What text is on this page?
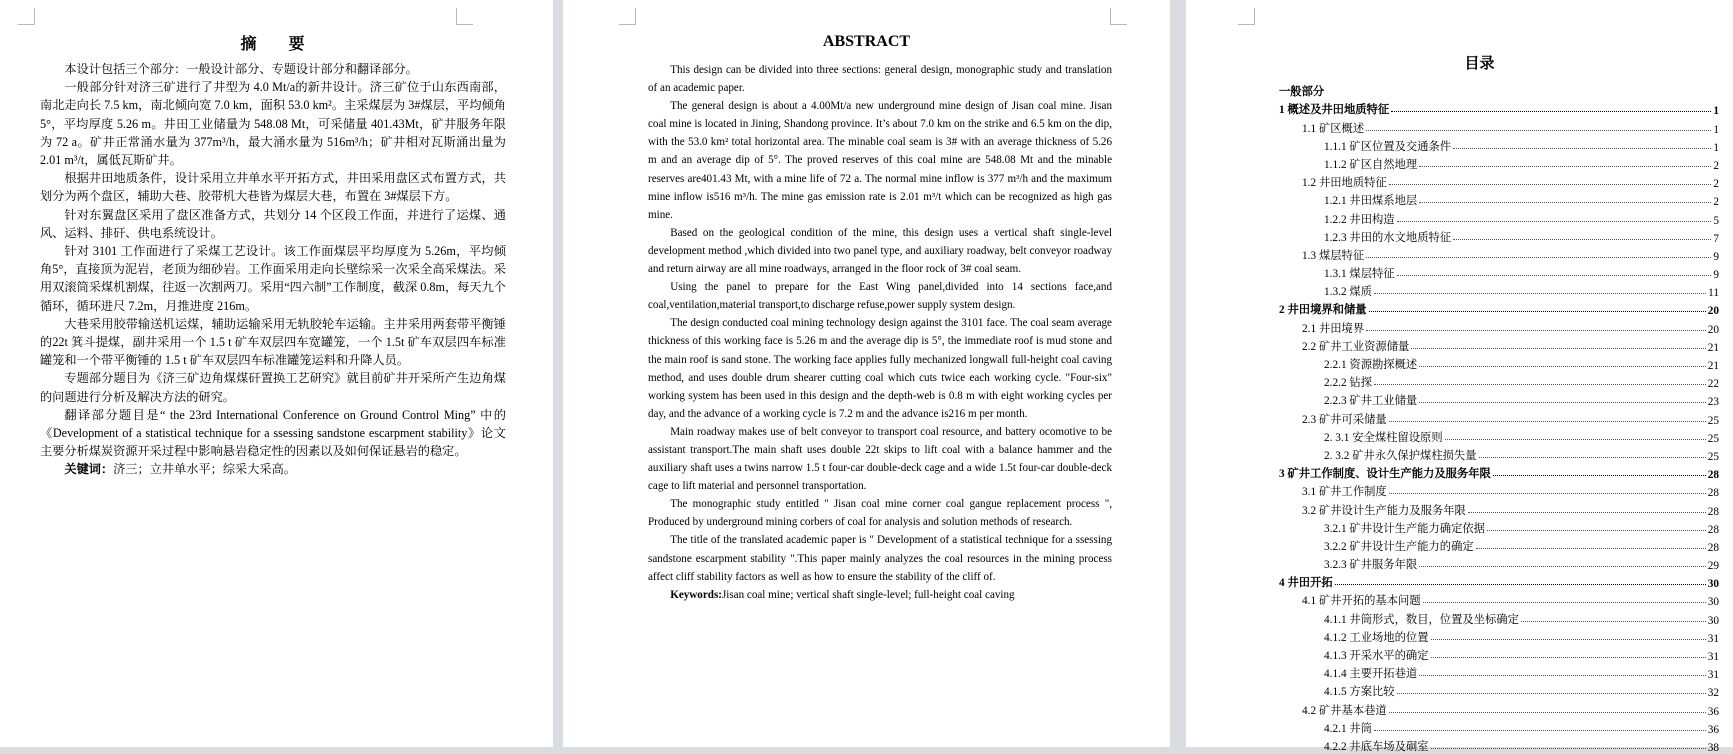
摘　要

本设计包括三个部分：一般设计部分、专题设计部分和翻译部分。

一般部分针对济三矿进行了井型为 4.0 Mt/a的新井设计。济三矿位于山东西南部，南北走向长 7.5 km，南北倾向宽 7.0 km，面积 53.0 km²。主采煤层为 3#煤层，平均倾角 5°，平均厚度 5.26 m。井田工业储量为 548.08 Mt，可采储量 401.43Mt，矿井服务年限为 72 a。矿井正常涌水量为 377m³/h，最大涌水量为 516m³/h；矿井相对瓦斯涌出量为 2.01 m³/t，属低瓦斯矿井。

根据井田地质条件，设计采用立井单水平开拓方式，井田采用盘区式布置方式，共划分为两个盘区，辅助大巷、胶带机大巷皆为煤层大巷，布置在 3#煤层下方。

针对东翼盘区采用了盘区准备方式，共划分 14 个区段工作面，并进行了运煤、通风、运料、排矸、供电系统设计。

针对 3101 工作面进行了采煤工艺设计。该工作面煤层平均厚度为 5.26m，平均倾角5°，直接顶为泥岩，老顶为细砂岩。工作面采用走向长壁综采一次采全高采煤法。采用双滚筒采煤机割煤，往返一次割两刀。采用“四六制”工作制度，截深 0.8m，每天九个循环，循环进尺 7.2m，月推进度 216m。

大巷采用胶带输送机运煤，辅助运输采用无轨胶轮车运输。主井采用两套带平衡锤的22t 箕斗提煤，副井采用一个 1.5 t 矿车双层四车宽罐笼，一个 1.5t 矿车双层四车标准罐笼和一个带平衡锤的 1.5 t 矿车双层四车标准罐笼运料和升降人员。

专题部分题目为《济三矿边角煤煤矸置换工艺研究》就目前矿井开采所产生边角煤的问题进行分析及解决方法的研究。

翻译部分题目是“ the 23rd International Conference on Ground Control Ming” 中的《Development of a statistical technique for a ssessing sandstone escarpment stability》论文主要分析煤炭资源开采过程中影响悬岩稳定性的因素以及如何保证悬岩的稳定。

关键词：济三；立井单水平；综采大采高。

ABSTRACT

This design can be divided into three sections: general design, monographic study and translation of an academic paper.

The general design is about a 4.00Mt/a new underground mine design of Jisan coal mine. Jisan coal mine is located in Jining, Shandong province. It’s about 7.0 km on the strike and 6.5 km on the dip, with the 53.0 km² total horizontal area. The minable coal seam is 3# with an average thickness of 5.26 m and an average dip of 5°. The proved reserves of this coal mine are 548.08 Mt and the minable reserves are401.43 Mt, with a mine life of 72 a. The normal mine inflow is 377 m³/h and the maximum mine inflow is516 m³/h. The mine gas emission rate is 2.01 m³/t which can be recognized as high gas mine.

Based on the geological condition of the mine, this design uses a vertical shaft single-level development method ,which divided into two panel type, and auxiliary roadway, belt conveyor roadway and return airway are all mine roadways, arranged in the floor rock of 3# coal seam.

Using the panel to prepare for the East Wing panel,divided into 14 sections face,and coal,ventilation,material transport,to discharge refuse,power supply system design.

The design conducted coal mining technology design against the 3101 face. The coal seam average thickness of this working face is 5.26 m and the average dip is 5°, the immediate roof is mud stone and the main roof is sand stone. The working face applies fully mechanized longwall full-height coal caving method, and uses double drum shearer cutting coal which cuts twice each working cycle. "Four-six" working system has been used in this design and the depth-web is 0.8 m with eight working cycles per day, and the advance of a working cycle is 7.2 m and the advance is216 m per month.

Main roadway makes use of belt conveyor to transport coal resource, and battery ocomotive to be assistant transport.The main shaft uses double 22t skips to lift coal with a balance hammer and the auxiliary shaft uses a twins narrow 1.5 t four-car double-deck cage and a wide 1.5t four-car double-deck cage to lift material and personnel transportation.

The monographic study entitled " Jisan coal mine corner coal gangue replacement process ", Produced by underground mining corbers of coal for analysis and solution methods of research.

The title of the translated academic paper is " Development of a statistical technique for a ssessing sandstone escarpment stability ".This paper mainly analyzes the coal resources in the mining process affect cliff stability factors as well as how to ensure the stability of the cliff of.

Keywords:Jisan coal mine; vertical shaft single-level; full-height coal caving

目录
一般部分
1 概述及井田地质特征	1
1.1 矿区概述	1
1.1.1 矿区位置及交通条件	1
1.1.2 矿区自然地理	2
1.2 井田地质特征	2
1.2.1 井田煤系地层	2
1.2.2 井田构造	5
1.2.3 井田的水文地质特征	7
1.3 煤层特征	9
1.3.1 煤层特征	9
1.3.2 煤质	11
2 井田境界和储量	20
2.1 井田境界	20
2.2 矿井工业资源储量	21
2.2.1 资源勘探概述	21
2.2.2 钻探	22
2.2.3 矿井工业储量	23
2.3 矿井可采储量	25
2. 3.1 安全煤柱留设原则	25
2. 3.2 矿井永久保护煤柱损失量	25
3 矿井工作制度、设计生产能力及服务年限	28
3.1 矿井工作制度	28
3.2 矿井设计生产能力及服务年限	28
3.2.1 矿井设计生产能力确定依据	28
3.2.2 矿井设计生产能力的确定	28
3.2.3 矿井服务年限	29
4 井田开拓	30
4.1 矿井开拓的基本问题	30
4.1.1 井筒形式，数目，位置及坐标确定	30
4.1.2 工业场地的位置	31
4.1.3 开采水平的确定	31
4.1.4 主要开拓巷道	31
4.1.5 方案比较	32
4.2 矿井基本巷道	36
4.2.1 井筒	36
4.2.2 井底车场及硐室	38
